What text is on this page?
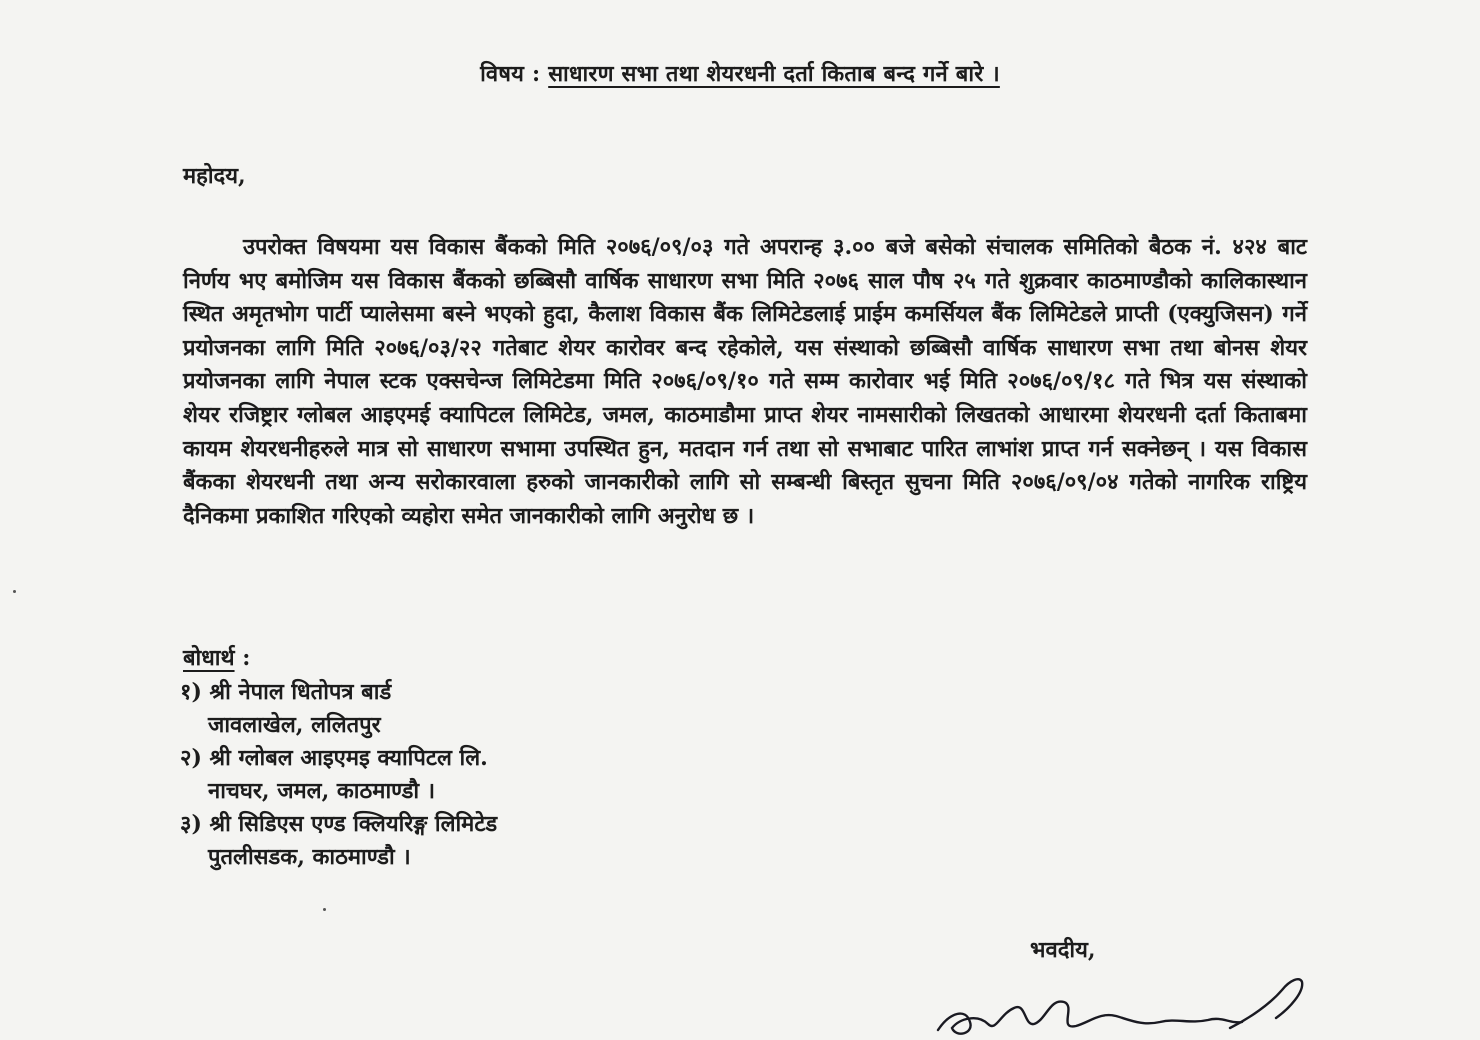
विषय : साधारण सभा तथा शेयरधनी दर्ता किताब बन्द गर्ने बारे ।
महोदय,

उपरोक्त विषयमा यस विकास बैंकको मिति २०७६/०९/०३ गते अपरान्ह ३.०० बजे बसेको संचालक समितिको बैठक नं. ४२४ बाट निर्णय भए बमोजिम यस विकास बैंकको छब्बिसौ वार्षिक साधारण सभा मिति २०७६ साल पौष २५ गते शुक्रवार काठमाण्डौको कालिकास्थान स्थित अमृतभोग पार्टी प्यालेसमा बस्ने भएको हुदा, कैलाश विकास बैंक लिमिटेडलाई प्राईम कमर्सियल बैंक लिमिटेडले प्राप्ती (एक्युजिसन) गर्ने प्रयोजनका लागि मिति २०७६/०३/२२ गतेबाट शेयर कारोवर बन्द रहेकोले, यस संस्थाको छब्बिसौ वार्षिक साधारण सभा तथा बोनस शेयर प्रयोजनका लागि नेपाल स्टक एक्सचेन्ज लिमिटेडमा मिति २०७६/०९/१० गते सम्म कारोवार भई मिति २०७६/०९/१८ गते भित्र यस संस्थाको शेयर रजिष्ट्रार ग्लोबल आइएमई क्यापिटल लिमिटेड, जमल, काठमाडौमा प्राप्त शेयर नामसारीको लिखतको आधारमा शेयरधनी दर्ता किताबमा कायम शेयरधनीहरुले मात्र सो साधारण सभामा उपस्थित हुन, मतदान गर्न तथा सो सभाबाट पारित लाभांश प्राप्त गर्न सक्नेछन् । यस विकास बैंकका शेयरधनी तथा अन्य सरोकारवाला हरुको जानकारीको लागि सो सम्बन्धी बिस्तृत सुचना मिति २०७६/०९/०४ गतेको नागरिक राष्ट्रिय दैनिकमा प्रकाशित गरिएको व्यहोरा समेत जानकारीको लागि अनुरोध छ ।

बोधार्थ :
१) श्री नेपाल धितोपत्र बार्ड
जावलाखेल, ललितपुर
२) श्री ग्लोबल आइएमइ क्यापिटल लि.
नाचघर, जमल, काठमाण्डौ ।
३) श्री सिडिएस एण्ड क्लियरिङ्ग लिमिटेड
पुतलीसडक, काठमाण्डौ ।
भवदीय,
